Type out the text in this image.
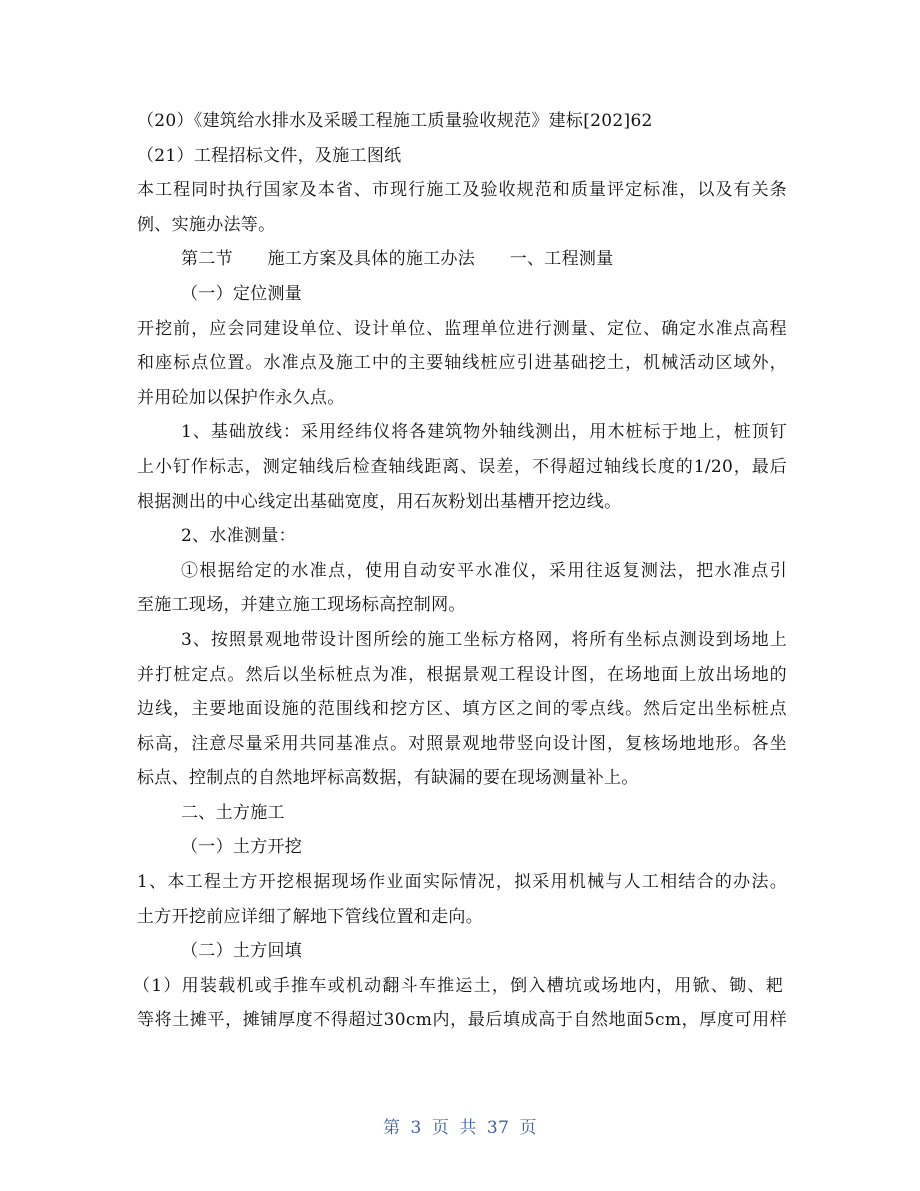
（20）《建筑给水排水及采暖工程施工质量验收规范》建标[202]62
（21）工程招标文件，及施工图纸
本工程同时执行国家及本省、市现行施工及验收规范和质量评定标准，以及有关条
例、实施办法等。
第二节　　施工方案及具体的施工办法　　一、工程测量
（一）定位测量
开挖前，应会同建设单位、设计单位、监理单位进行测量、定位、确定水准点高程
和座标点位置。水准点及施工中的主要轴线桩应引进基础挖土，机械活动区域外，
并用砼加以保护作永久点。
1、基础放线：采用经纬仪将各建筑物外轴线测出，用木桩标于地上，桩顶钉
上小钉作标志，测定轴线后检查轴线距离、误差，不得超过轴线长度的1/20，最后
根据测出的中心线定出基础宽度，用石灰粉划出基槽开挖边线。
2、水准测量：
①根据给定的水准点，使用自动安平水准仪，采用往返复测法，把水准点引
至施工现场，并建立施工现场标高控制网。
3、按照景观地带设计图所绘的施工坐标方格网，将所有坐标点测设到场地上
并打桩定点。然后以坐标桩点为准，根据景观工程设计图，在场地面上放出场地的
边线，主要地面设施的范围线和挖方区、填方区之间的零点线。然后定出坐标桩点
标高，注意尽量采用共同基准点。对照景观地带竖向设计图，复核场地地形。各坐
标点、控制点的自然地坪标高数据，有缺漏的要在现场测量补上。
二、土方施工
（一）土方开挖
1、本工程土方开挖根据现场作业面实际情况，拟采用机械与人工相结合的办法。
土方开挖前应详细了解地下管线位置和走向。
（二）土方回填
（1）用装载机或手推车或机动翻斗车推运土，倒入槽坑或场地内，用锨、锄、耙
等将土摊平，摊铺厚度不得超过30cm内，最后填成高于自然地面5cm，厚度可用样
第 3 页 共 37 页
